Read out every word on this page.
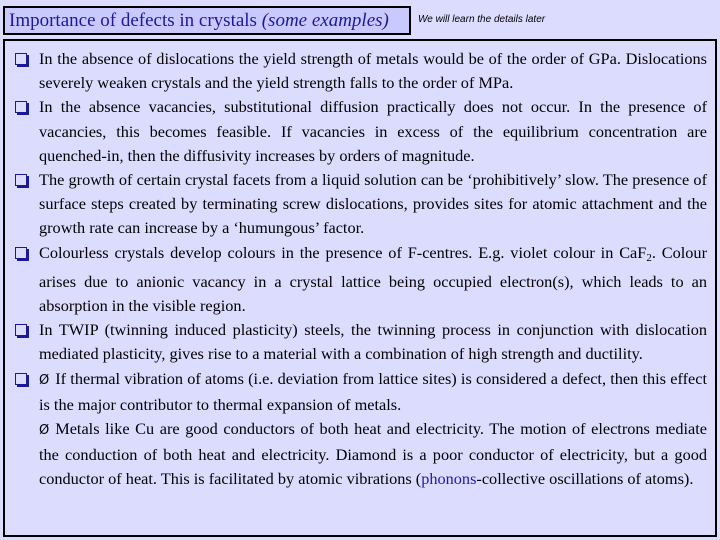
Importance of defects in crystals (some examples)	We will learn the details later
In the absence of dislocations the yield strength of metals would be of the order of GPa. Dislocations severely weaken crystals and the yield strength falls to the order of MPa.
In the absence vacancies, substitutional diffusion practically does not occur. In the presence of vacancies, this becomes feasible. If vacancies in excess of the equilibrium concentration are quenched-in, then the diffusivity increases by orders of magnitude.
The growth of certain crystal facets from a liquid solution can be ‘prohibitively’ slow. The presence of surface steps created by terminating screw dislocations, provides sites for atomic attachment and the growth rate can increase by a ‘humungous’ factor.
Colourless crystals develop colours in the presence of F-centres. E.g. violet colour in CaF$_2$. Colour arises due to anionic vacancy in a crystal lattice being occupied electron(s), which leads to an absorption in the visible region.
In TWIP (twinning induced plasticity) steels, the twinning process in conjunction with dislocation mediated plasticity, gives rise to a material with a combination of high strength and ductility.
Ø If thermal vibration of atoms (i.e. deviation from lattice sites) is considered a defect, then this effect is the major contributor to thermal expansion of metals.
Ø Metals like Cu are good conductors of both heat and electricity. The motion of electrons mediate the conduction of both heat and electricity. Diamond is a poor conductor of electricity, but a good conductor of heat. This is facilitated by atomic vibrations (phonons-collective oscillations of atoms).
